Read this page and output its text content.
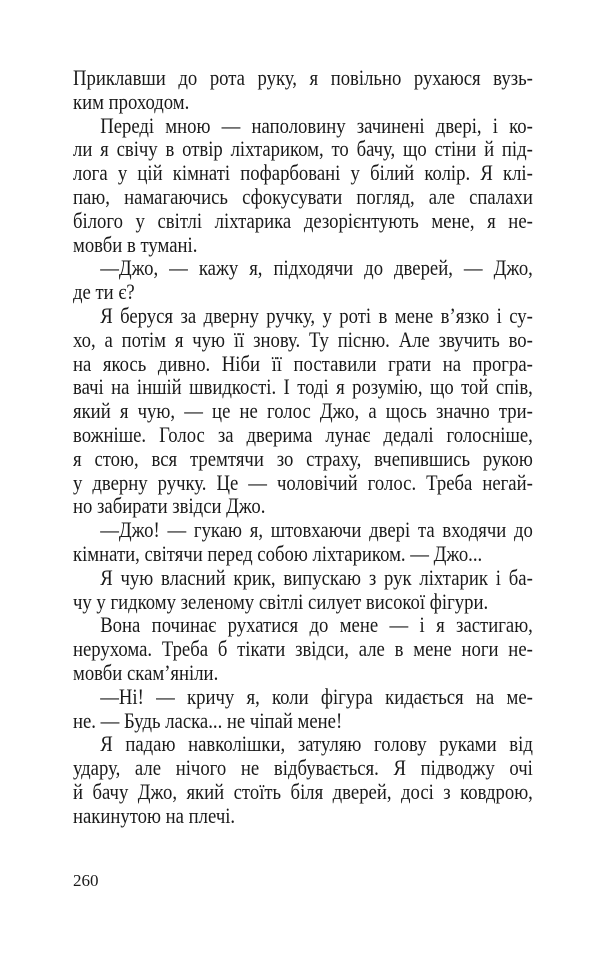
Приклавши до рота руку, я повільно рухаюся вузь-
ким проходом.
Переді мною — наполовину зачинені двері, і ко-
ли я свічу в отвір ліхтариком, то бачу, що стіни й під-
лога у цій кімнаті пофарбовані у білий колір. Я клі-
паю, намагаючись сфокусувати погляд, але спалахи
білого у світлі ліхтарика дезорієнтують мене, я не-
мовби в тумані.
—Джо, — кажу я, підходячи до дверей, — Джо,
де ти є?
Я беруся за дверну ручку, у роті в мене в’язко і су-
хо, а потім я чую її знову. Ту пісню. Але звучить во-
на якось дивно. Ніби її поставили грати на програ-
вачі на іншій швидкості. І тоді я розумію, що той спів,
який я чую, — це не голос Джо, а щось значно три-
вожніше. Голос за дверима лунає дедалі голосніше,
я стою, вся тремтячи зо страху, вчепившись рукою
у дверну ручку. Це — чоловічий голос. Треба негай-
но забирати звідси Джо.
—Джо! — гукаю я, штовхаючи двері та входячи до
кімнати, світячи перед собою ліхтариком. — Джо...
Я чую власний крик, випускаю з рук ліхтарик і ба-
чу у гидкому зеленому світлі силует високої фігури.
Вона починає рухатися до мене — і я застигаю,
нерухома. Треба б тікати звідси, але в мене ноги не-
мовби скам’яніли.
—Ні! — кричу я, коли фігура кидається на ме-
не. — Будь ласка... не чіпай мене!
Я падаю навколішки, затуляю голову руками від
удару, але нічого не відбувається. Я підводжу очі
й бачу Джо, який стоїть біля дверей, досі з ковдрою,
накинутою на плечі.
260
